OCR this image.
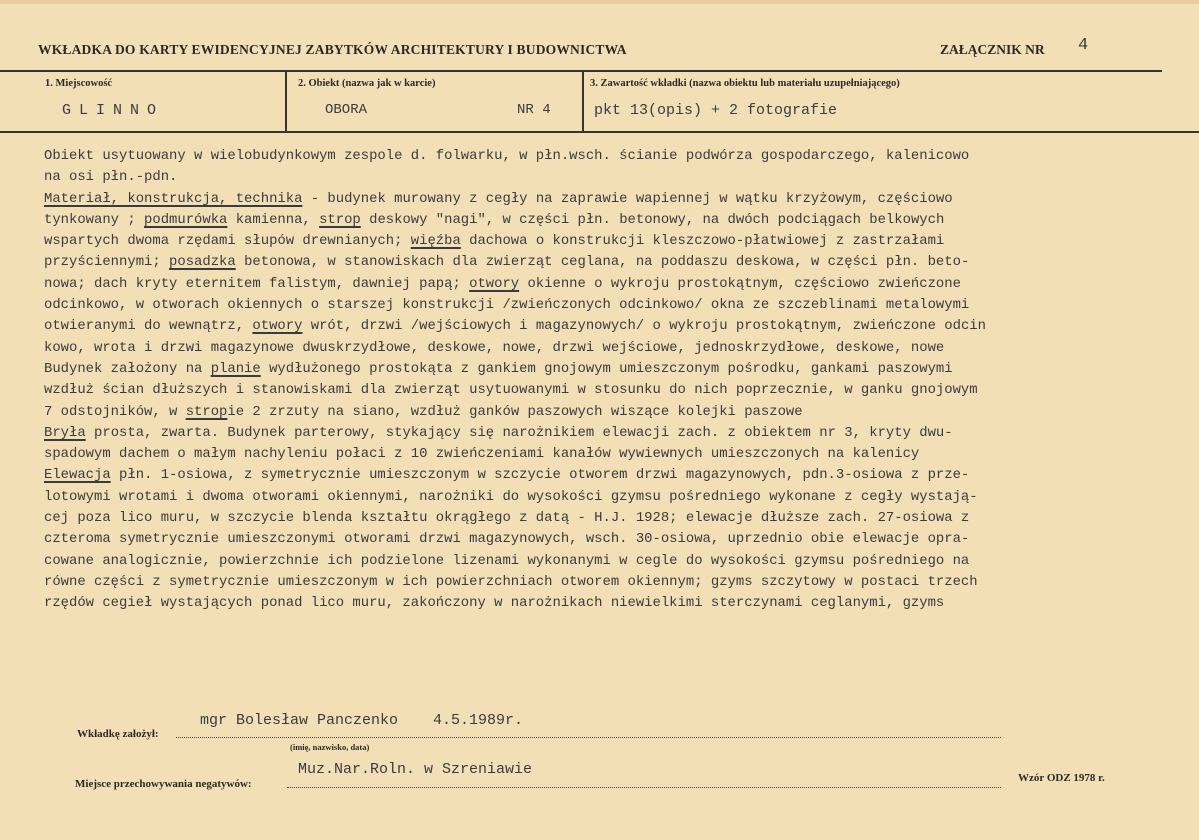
WKŁADKA DO KARTY EWIDENCYJNEJ ZABYTKÓW ARCHITEKTURY I BUDOWNICTWA	ZAŁĄCZNIK NR 4
1. Miejscowość
GLINNO
2. Obiekt (nazwa jak w karcie)
OBORA	NR 4
3. Zawartość wkładki (nazwa obiektu lub materiału uzupełniającego)
pkt 13(opis) + 2 fotografie
Obiekt usytuowany w wielobudynkowym zespole d. folwarku, w płn.wsch. ścianie podwórza gospodarczego, kalenicowo
na osi płn.-pdn.
Materiał, konstrukcja, technika - budynek murowany z cegły na zaprawie wapiennej w wątku krzyżowym, częściowo
tynkowany ; podmurówka kamienna, strop deskowy "nagi", w części płn. betonowy, na dwóch podciągach belkowych
wspartych dwoma rzędami słupów drewnianych; więźba dachowa o konstrukcji kleszczowo-płatwiowej z zastrzałami
przyściennymi; posadzka betonowa, w stanowiskach dla zwierząt ceglana, na poddaszu deskowa, w części płn. beto-
nowa; dach kryty eternitem falistym, dawniej papą; otwory okienne o wykroju prostokątnym, częściowo zwieńczone
odcinkowo, w otworach okiennych o starszej konstrukcji /zwieńczonych odcinkowo/ okna ze szczeblinami metalowymi
otwieranymi do wewnątrz, otwory wrót, drzwi /wejściowych i magazynowych/ o wykroju prostokątnym, zwieńczone odcin
kowo, wrota i drzwi magazynowe dwuskrzydłowe, deskowe, nowe, drzwi wejściowe, jednoskrzydłowe, deskowe, nowe
Budynek założony na planie wydłużonego prostokąta z gankiem gnojowym umieszczonym pośrodku, gankami paszowymi
wzdłuż ścian dłuższych i stanowiskami dla zwierząt usytuowanymi w stosunku do nich poprzecznie, w ganku gnojowym
7 odstojników, w stropie 2 zrzuty na siano, wzdłuż ganków paszowych wiszące kolejki paszowe
Bryła prosta, zwarta. Budynek parterowy, stykający się narożnikiem elewacji zach. z obiektem nr 3, kryty dwu-
spadowym dachem o małym nachyleniu połaci z 10 zwieńczeniami kanałów wywiewnych umieszczonych na kalenicy
Elewacja płn. 1-osiowa, z symetrycznie umieszczonym w szczycie otworem drzwi magazynowych, pdn.3-osiowa z prze-
lotowymi wrotami i dwoma otworami okiennymi, narożniki do wysokości gzymsu pośredniego wykonane z cegły wystają-
cej poza lico muru, w szczycie blenda kształtu okrągłego z datą - H.J. 1928; elewacje dłuższe zach. 27-osiowa z
czteroma symetrycznie umieszczonymi otworami drzwi magazynowych, wsch. 30-osiowa, uprzednio obie elewacje opra-
cowane analogicznie, powierzchnie ich podzielone lizenami wykonanymi w cegle do wysokości gzymsu pośredniego na
równe części z symetrycznie umieszczonym w ich powierzchniach otworem okiennym; gzyms szczytowy w postaci trzech
rzędów cegieł wystających ponad lico muru, zakończony w narożnikach niewielkimi sterczynami ceglanymi, gzyms
Wkładkę założył:
mgr Bolesław Panczenko 4.5.1989r.
(imię, nazwisko, data)
Miejsce przechowywania negatywów:
Muz.Nar.Roln. w Szreniawie	Wzór ODZ 1978 r.
